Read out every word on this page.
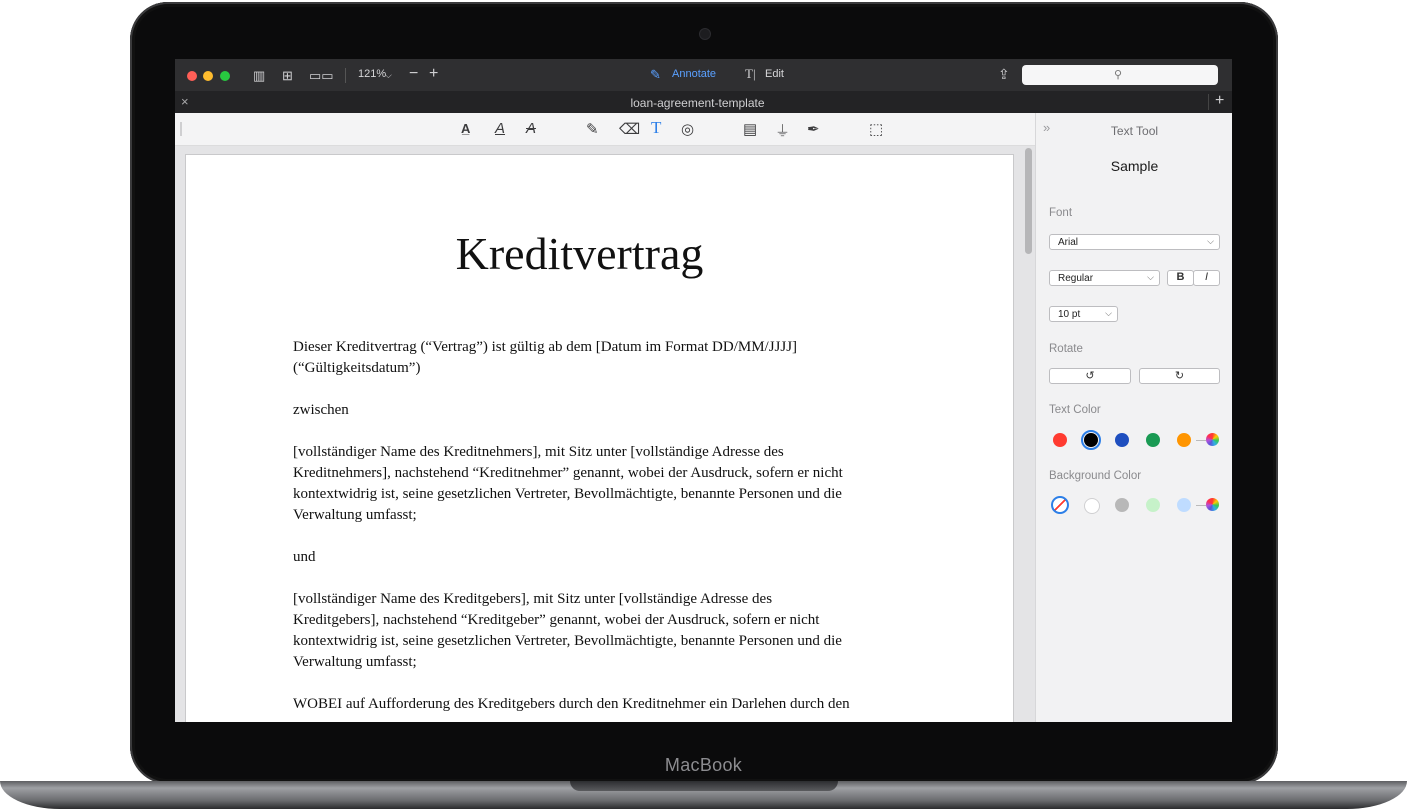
▥ ⊞ ▭▭ 121%
⌵ − +	✎ Annotate T| Edit	⇪	⚲
×	loan-agreement-template	+
A̲ A A	✎ ⌫ T ◎	▤ ⏚ ✒	⬚
Kreditvertrag
Dieser Kreditvertrag (“Vertrag”) ist gültig ab dem [Datum im Format DD/MM/JJJJ]
(“Gültigkeitsdatum”)
zwischen
[vollständiger Name des Kreditnehmers], mit Sitz unter [vollständige Adresse des
Kreditnehmers], nachstehend “Kreditnehmer” genannt, wobei der Ausdruck, sofern er nicht
kontextwidrig ist, seine gesetzlichen Vertreter, Bevollmächtigte, benannte Personen und die
Verwaltung umfasst;
und
[vollständiger Name des Kreditgebers], mit Sitz unter [vollständige Adresse des
Kreditgebers], nachstehend “Kreditgeber” genannt, wobei der Ausdruck, sofern er nicht
kontextwidrig ist, seine gesetzlichen Vertreter, Bevollmächtigte, benannte Personen und die
Verwaltung umfasst;
WOBEI auf Aufforderung des Kreditgebers durch den Kreditnehmer ein Darlehen durch den
»	Text Tool
Sample
Font
Arial	⌵
Regular	⌵	B	I
10 pt	⌵
Rotate
↺	↻
Text Color
Background Color
MacBook
